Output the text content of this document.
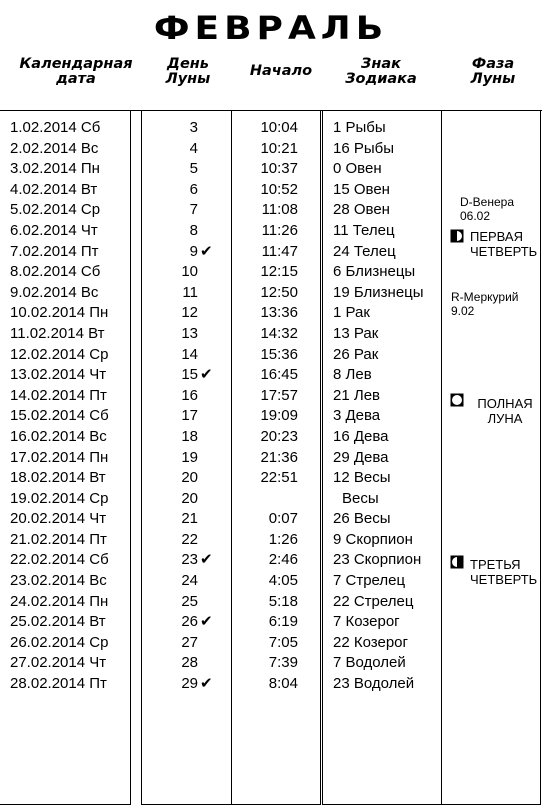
ФЕВРАЛЬ
Календарная
дата
День
Луны	Начало	Знак
Зодиака
Фаза
Луны
1.02.2014 Сб
2.02.2014 Вс
3.02.2014 Пн
4.02.2014 Вт
5.02.2014 Ср
6.02.2014 Чт
7.02.2014 Пт
8.02.2014 Сб
9.02.2014 Вс
10.02.2014 Пн
11.02.2014 Вт
12.02.2014 Ср
13.02.2014 Чт
14.02.2014 Пт
15.02.2014 Сб
16.02.2014 Вс
17.02.2014 Пн
18.02.2014 Вт
19.02.2014 Ср
20.02.2014 Чт
21.02.2014 Пт
22.02.2014 Сб
23.02.2014 Вс
24.02.2014 Пн
25.02.2014 Вт
26.02.2014 Ср
27.02.2014 Чт
28.02.2014 Пт
3
4
5
6
7
8
9 ✔
10
11
12
13
14
15 ✔
16
17
18
19
20
20
21
22
23 ✔
24
25
26 ✔
27
28
29 ✔
10:04
10:21
10:37
10:52
11:08
11:26
11:47
12:15
12:50
13:36
14:32
15:36
16:45
17:57
19:09
20:23
21:36
22:51
0:07
1:26
2:46
4:05
5:18
6:19
7:05
7:39
8:04
1 Рыбы
16 Рыбы
0 Овен
15 Овен
28 Овен
11 Телец
24 Телец
6 Близнецы
19 Близнецы
1 Рак
13 Рак
26 Рак
8 Лев
21 Лев
3 Дева
16 Дева
29 Дева
12 Весы
Весы
26 Весы
9 Скорпион
23 Скорпион
7 Стрелец
22 Стрелец
7 Козерог
22 Козерог
7 Водолей
23 Водолей
D-Венера
06.02
ПЕРВАЯ
ЧЕТВЕРТЬ
R-Меркурий
9.02
ПОЛНАЯ
ЛУНА
ТРЕТЬЯ
ЧЕТВЕРТЬ
